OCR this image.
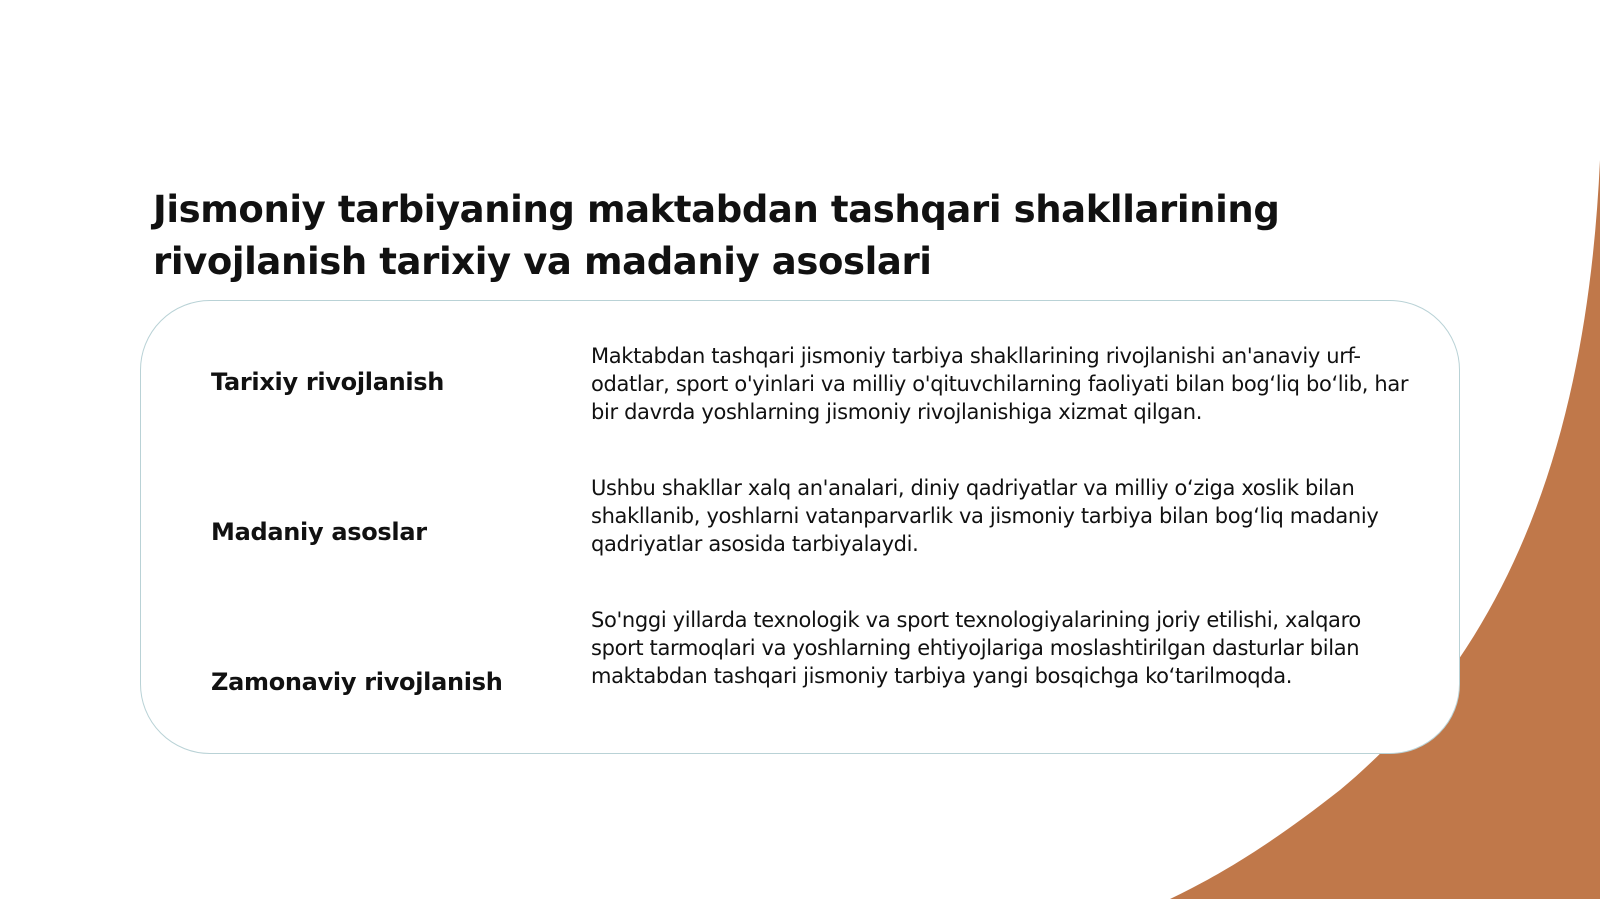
Jismoniy tarbiyaning maktabdan tashqari shakllarining rivojlanish tarixiy va madaniy asoslari
Tarixiy rivojlanish

Maktabdan tashqari jismoniy tarbiya shakllarining rivojlanishi an'anaviy urf-odatlar, sport o'yinlari va milliy o'qituvchilarning faoliyati bilan bog‘liq bo‘lib, har bir davrda yoshlarning jismoniy rivojlanishiga xizmat qilgan.

Madaniy asoslar

Ushbu shakllar xalq an'analari, diniy qadriyatlar va milliy o‘ziga xoslik bilan shakllanib, yoshlarni vatanparvarlik va jismoniy tarbiya bilan bog‘liq madaniy qadriyatlar asosida tarbiyalaydi.

Zamonaviy rivojlanish

So'nggi yillarda texnologik va sport texnologiyalarining joriy etilishi, xalqaro sport tarmoqlari va yoshlarning ehtiyojlariga moslashtirilgan dasturlar bilan maktabdan tashqari jismoniy tarbiya yangi bosqichga ko‘tarilmoqda.
